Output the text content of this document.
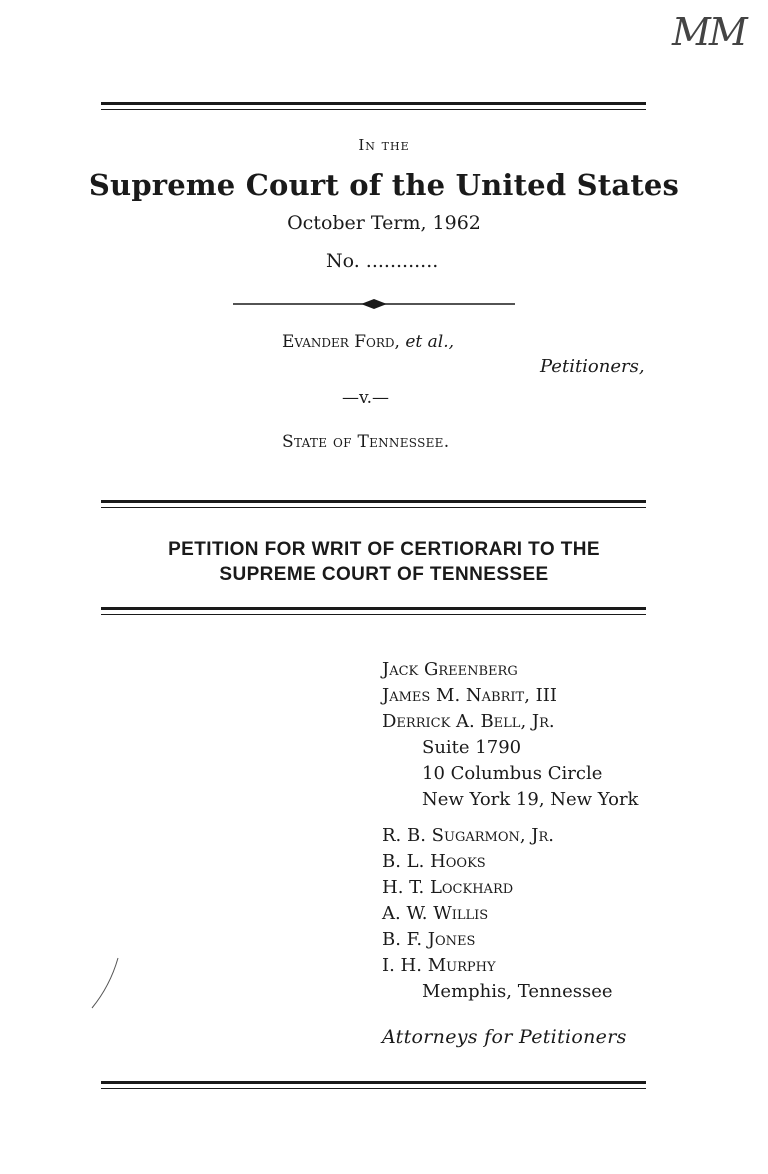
MM
In the
Supreme Court of the United States
October Term, 1962
No. ............
Evander Ford, et al.,
Petitioners,
—v.—
State of Tennessee.
PETITION FOR WRIT OF CERTIORARI TO THE
SUPREME COURT OF TENNESSEE
Jack Greenberg
James M. Nabrit, III
Derrick A. Bell, Jr.
Suite 1790
10 Columbus Circle
New York 19, New York
R. B. Sugarmon, Jr.
B. L. Hooks
H. T. Lockhard
A. W. Willis
B. F. Jones
I. H. Murphy
Memphis, Tennessee
Attorneys for Petitioners
